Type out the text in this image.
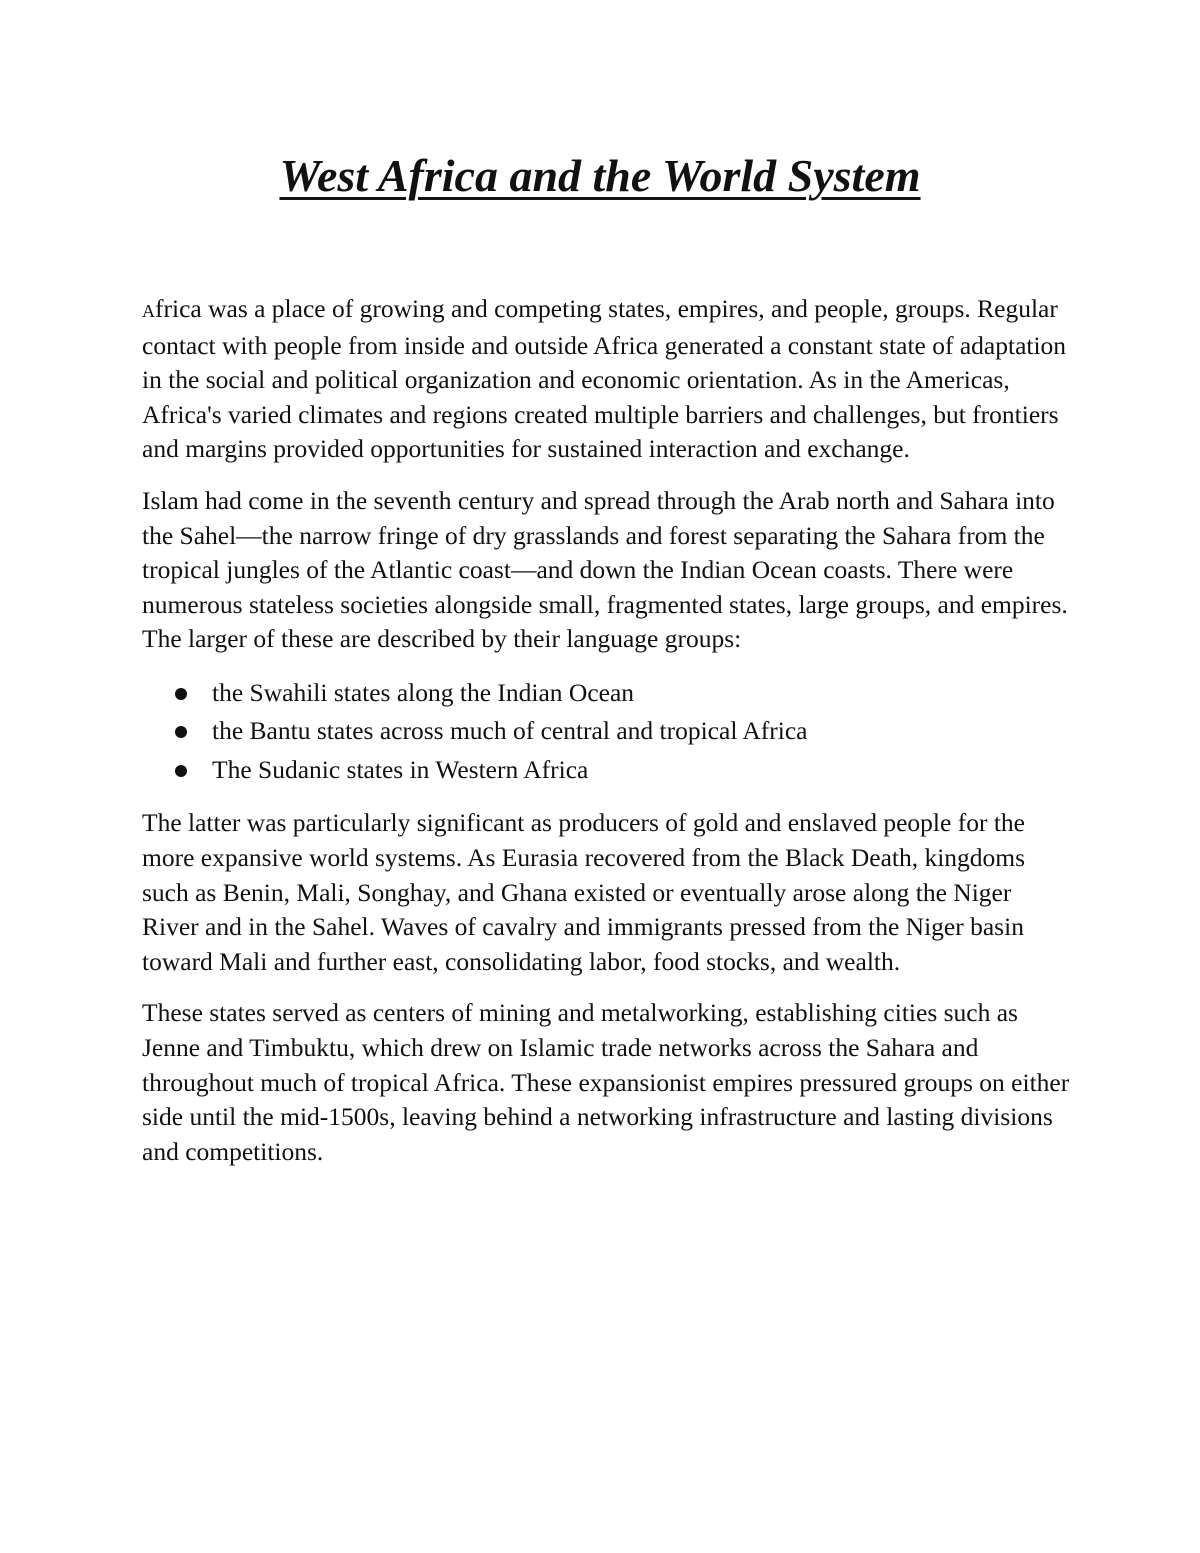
West Africa and the World System

Africa was a place of growing and competing states, empires, and people, groups. Regular contact with people from inside and outside Africa generated a constant state of adaptation in the social and political organization and economic orientation. As in the Americas, Africa's varied climates and regions created multiple barriers and challenges, but frontiers and margins provided opportunities for sustained interaction and exchange.

Islam had come in the seventh century and spread through the Arab north and Sahara into the Sahel—the narrow fringe of dry grasslands and forest separating the Sahara from the tropical jungles of the Atlantic coast—and down the Indian Ocean coasts. There were numerous stateless societies alongside small, fragmented states, large groups, and empires. The larger of these are described by their language groups:

the Swahili states along the Indian Ocean
the Bantu states across much of central and tropical Africa
The Sudanic states in Western Africa

The latter was particularly significant as producers of gold and enslaved people for the more expansive world systems. As Eurasia recovered from the Black Death, kingdoms such as Benin, Mali, Songhay, and Ghana existed or eventually arose along the Niger River and in the Sahel. Waves of cavalry and immigrants pressed from the Niger basin toward Mali and further east, consolidating labor, food stocks, and wealth.

These states served as centers of mining and metalworking, establishing cities such as Jenne and Timbuktu, which drew on Islamic trade networks across the Sahara and throughout much of tropical Africa. These expansionist empires pressured groups on either side until the mid-1500s, leaving behind a networking infrastructure and lasting divisions and competitions.
